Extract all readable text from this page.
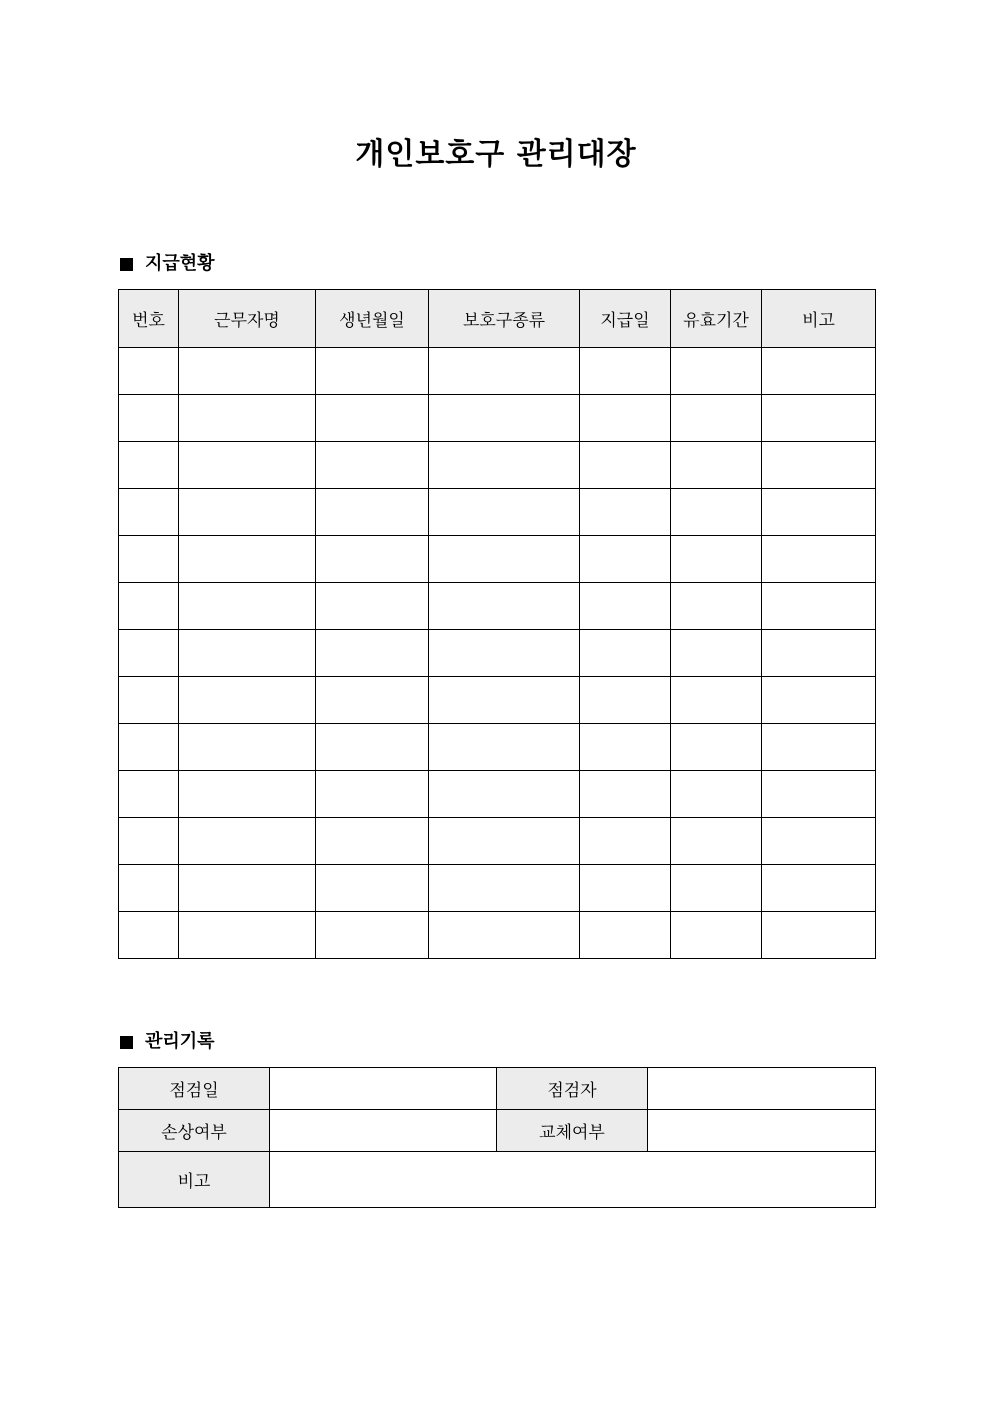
개인보호구 관리대장
지급현황
번호	근무자명	생년월일	보호구종류	지급일	유효기간	비고

관리기록
점검일		점검자	
손상여부		교체여부	
비고			
